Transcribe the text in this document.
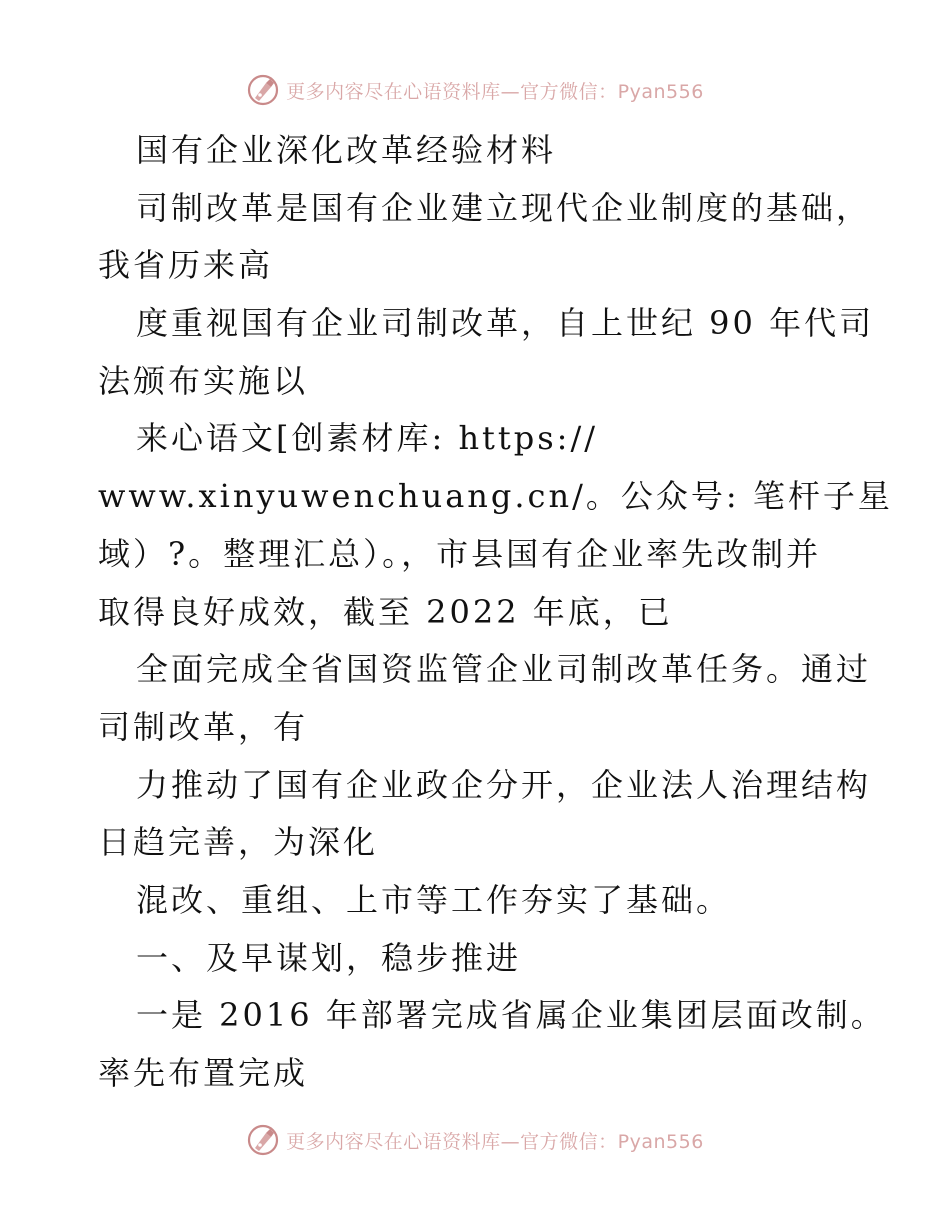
更多内容尽在心语资料库—官方微信：Pyan556
国有企业深化改革经验材料
司制改革是国有企业建立现代企业制度的基础，
我省历来高
度重视国有企业司制改革，自上世纪 90 年代司
法颁布实施以
来心语文[创素材库: https://
www.xinyuwenchuang.cn/。公众号: 笔杆子星
域）?。整理汇总）。，市县国有企业率先改制并
取得良好成效，截至 2022 年底，已
全面完成全省国资监管企业司制改革任务。通过
司制改革，有
力推动了国有企业政企分开，企业法人治理结构
日趋完善，为深化
混改、重组、上市等工作夯实了基础。
一、及早谋划，稳步推进
一是 2016 年部署完成省属企业集团层面改制。
率先布置完成
更多内容尽在心语资料库—官方微信：Pyan556
